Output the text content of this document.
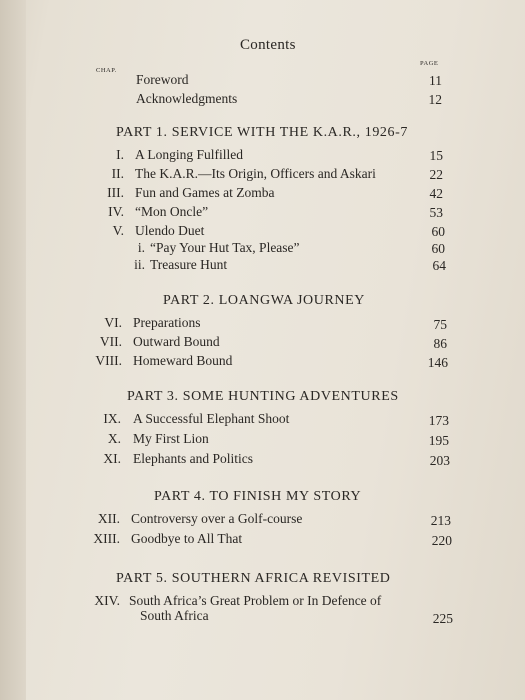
Contents
CHAP.
PAGE
Foreword	11
Acknowledgments	12
PART 1. SERVICE WITH THE K.A.R., 1926-7
I. A Longing Fulfilled	15
II. The K.A.R.—Its Origin, Officers and Askari	22
III. Fun and Games at Zomba	42
IV. “Mon Oncle”	53
V. Ulendo Duet	60
i. “Pay Your Hut Tax, Please”	60
ii. Treasure Hunt	64
PART 2. LOANGWA JOURNEY
VI. Preparations	75
VII. Outward Bound	86
VIII. Homeward Bound	146
PART 3. SOME HUNTING ADVENTURES
IX. A Successful Elephant Shoot	173
X. My First Lion	195
XI. Elephants and Politics	203
PART 4. TO FINISH MY STORY
XII. Controversy over a Golf-course	213
XIII. Goodbye to All That	220
PART 5. SOUTHERN AFRICA REVISITED
XIV. South Africa’s Great Problem or In Defence of
South Africa	225
